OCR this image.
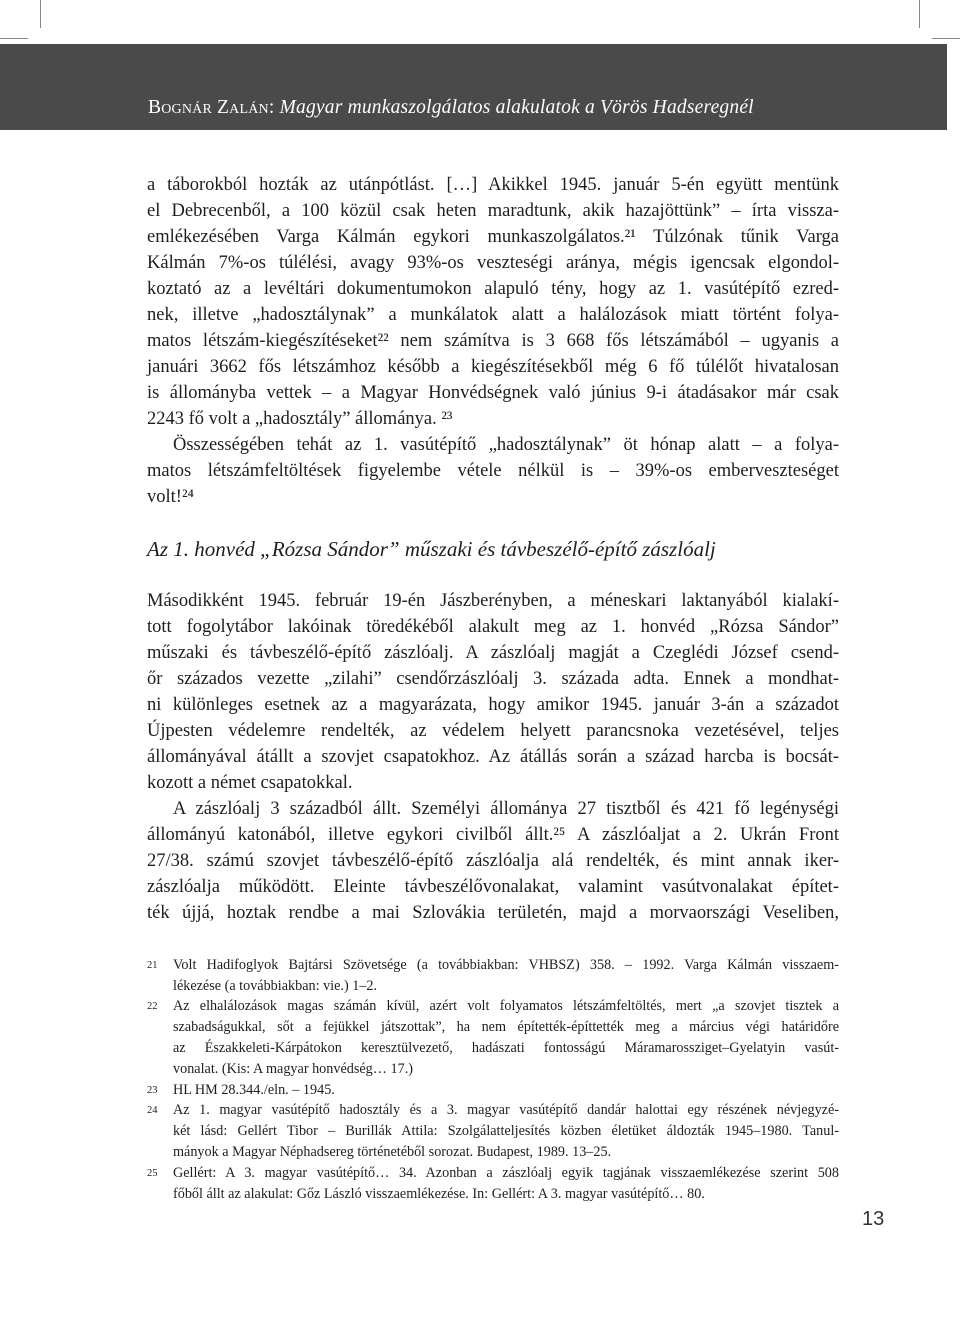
Bognár Zalán: Magyar munkaszolgálatos alakulatok a Vörös Hadseregnél
a táborokból hozták az utánpótlást. […] Akikkel 1945. január 5-én együtt mentünk
el Debrecenből, a 100 közül csak heten maradtunk, akik hazajöttünk” – írta vissza-
emlékezésében Varga Kálmán egykori munkaszolgálatos.²¹ Túlzónak tűnik Varga
Kálmán 7%-os túlélési, avagy 93%-os veszteségi aránya, mégis igencsak elgondol-
koztató az a levéltári dokumentumokon alapuló tény, hogy az 1. vasútépítő ezred-
nek, illetve „hadosztálynak” a munkálatok alatt a halálozások miatt történt folya-
matos létszám-kiegészítéseket²² nem számítva is 3 668 fős létszámából – ugyanis a
januári 3662 fős létszámhoz később a kiegészítésekből még 6 fő túlélőt hivatalosan
is állományba vettek – a Magyar Honvédségnek való június 9-i átadásakor már csak
2243 fő volt a „hadosztály” állománya. ²³
Összességében tehát az 1. vasútépítő „hadosztálynak” öt hónap alatt – a folya-
matos létszámfeltöltések figyelembe vétele nélkül is – 39%-os emberveszteséget
volt!²⁴
Az 1. honvéd „Rózsa Sándor” műszaki és távbeszélő-építő zászlóalj
Másodikként 1945. február 19-én Jászberényben, a méneskari laktanyából kialakí-
tott fogolytábor lakóinak töredékéből alakult meg az 1. honvéd „Rózsa Sándor”
műszaki és távbeszélő-építő zászlóalj. A zászlóalj magját a Czeglédi József csend-
őr százados vezette „zilahi” csendőrzászlóalj 3. százada adta. Ennek a mondhat-
ni különleges esetnek az a magyarázata, hogy amikor 1945. január 3-án a századot
Újpesten védelemre rendelték, az védelem helyett parancsnoka vezetésével, teljes
állományával átállt a szovjet csapatokhoz. Az átállás során a század harcba is bocsát-
kozott a német csapatokkal.
A zászlóalj 3 századból állt. Személyi állománya 27 tisztből és 421 fő legénységi
állományú katonából, illetve egykori civilből állt.²⁵ A zászlóaljat a 2. Ukrán Front
27/38. számú szovjet távbeszélő-építő zászlóalja alá rendelték, és mint annak iker-
zászlóalja működött. Eleinte távbeszélővonalakat, valamint vasútvonalakat építet-
ték újjá, hoztak rendbe a mai Szlovákia területén, majd a morvaországi Veseliben,
21 Volt Hadifoglyok Bajtársi Szövetsége (a továbbiakban: VHBSZ) 358. – 1992. Varga Kálmán visszaem-
lékezése (a továbbiakban: vie.) 1–2.
22 Az elhalálozások magas számán kívül, azért volt folyamatos létszámfeltöltés, mert „a szovjet tisztek a
szabadságukkal, sőt a fejükkel játszottak”, ha nem építették-építtették meg a március végi határidőre
az Északkeleti-Kárpátokon keresztülvezető, hadászati fontosságú Máramarossziget–Gyelatyin vasút-
vonalat. (Kis: A magyar honvédség… 17.)
23 HL HM 28.344./eln. – 1945.
24 Az 1. magyar vasútépítő hadosztály és a 3. magyar vasútépítő dandár halottai egy részének névjegyzé-
két lásd: Gellért Tibor – Burillák Attila: Szolgálatteljesítés közben életüket áldozták 1945–1980. Tanul-
mányok a Magyar Néphadsereg történetéből sorozat. Budapest, 1989. 13–25.
25 Gellért: A 3. magyar vasútépítő… 34. Azonban a zászlóalj egyik tagjának visszaemlékezése szerint 508
főből állt az alakulat: Gőz László visszaemlékezése. In: Gellért: A 3. magyar vasútépítő… 80.
13
